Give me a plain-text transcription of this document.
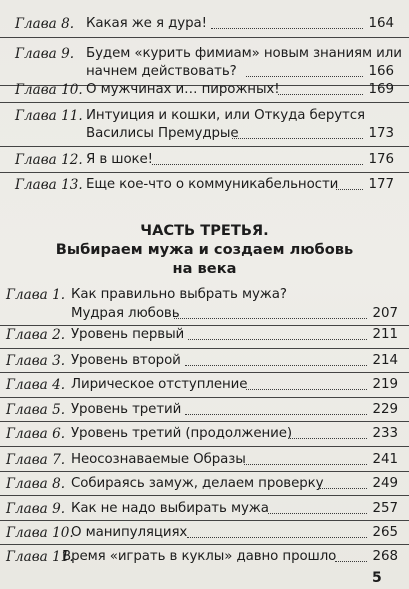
Глава 8. Какая же я дура!	164
Глава 9. Будем «курить фимиам» новым знаниям или
начнем действовать?	166
Глава 10. О мужчинах и… пирожных!	169
Глава 11. Интуиция и кошки, или Откуда берутся
Василисы Премудрые	173
Глава 12. Я в шоке!	176
Глава 13. Еще кое-что о коммуникабельности 177
ЧАСТЬ ТРЕТЬЯ.
Выбираем мужа и создаем любовь
на века
Глава 1. Как правильно выбрать мужа?
Мудрая любовь	207
Глава 2. Уровень первый	211
Глава 3. Уровень второй	214
Глава 4. Лирическое отступление	219
Глава 5. Уровень третий	229
Глава 6. Уровень третий (продолжение)	233
Глава 7. Неосознаваемые Образы	241
Глава 8. Собираясь замуж, делаем проверку	249
Глава 9. Как не надо выбирать мужа	257
Глава 10.
О манипуляциях	265
Глава 11.
Время «играть в куклы» давно прошло	268
5
